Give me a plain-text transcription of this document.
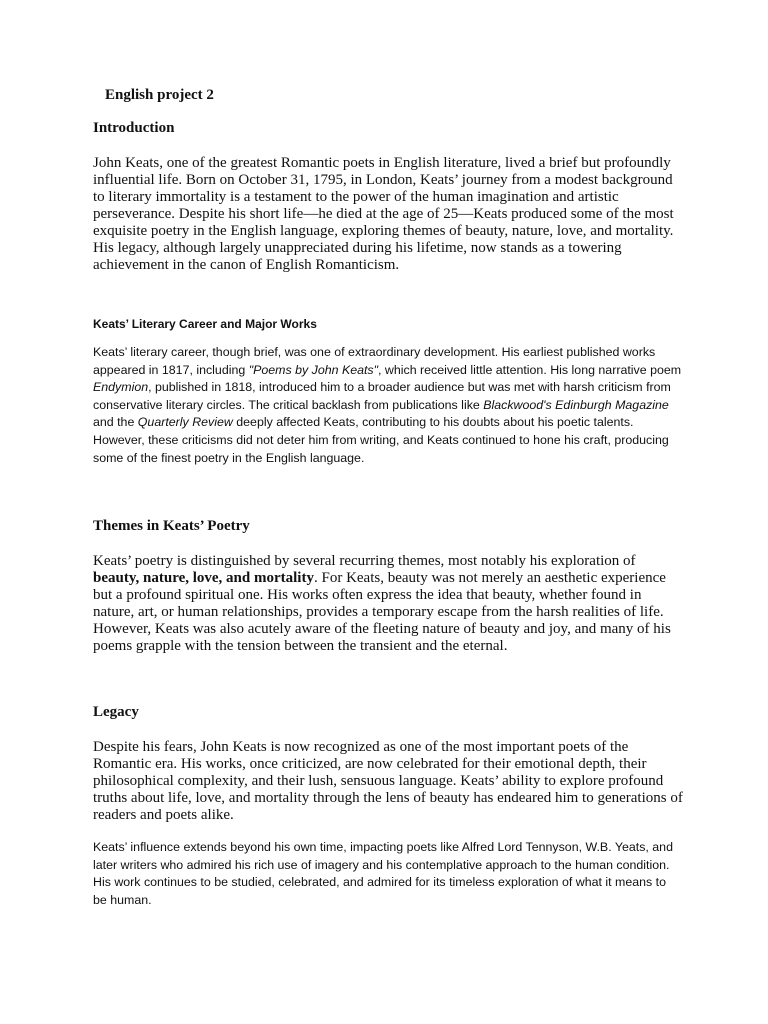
English project 2
Introduction

John Keats, one of the greatest Romantic poets in English literature, lived a brief but profoundly influential life. Born on October 31, 1795, in London, Keats’ journey from a modest background to literary immortality is a testament to the power of the human imagination and artistic perseverance. Despite his short life—he died at the age of 25—Keats produced some of the most exquisite poetry in the English language, exploring themes of beauty, nature, love, and mortality. His legacy, although largely unappreciated during his lifetime, now stands as a towering achievement in the canon of English Romanticism.

Keats’ Literary Career and Major Works

Keats’ literary career, though brief, was one of extraordinary development. His earliest published works appeared in 1817, including "Poems by John Keats", which received little attention. His long narrative poem Endymion, published in 1818, introduced him to a broader audience but was met with harsh criticism from conservative literary circles. The critical backlash from publications like Blackwood's Edinburgh Magazine and the Quarterly Review deeply affected Keats, contributing to his doubts about his poetic talents. However, these criticisms did not deter him from writing, and Keats continued to hone his craft, producing some of the finest poetry in the English language.

Themes in Keats’ Poetry

Keats’ poetry is distinguished by several recurring themes, most notably his exploration of beauty, nature, love, and mortality. For Keats, beauty was not merely an aesthetic experience but a profound spiritual one. His works often express the idea that beauty, whether found in nature, art, or human relationships, provides a temporary escape from the harsh realities of life. However, Keats was also acutely aware of the fleeting nature of beauty and joy, and many of his poems grapple with the tension between the transient and the eternal.

Legacy

Despite his fears, John Keats is now recognized as one of the most important poets of the Romantic era. His works, once criticized, are now celebrated for their emotional depth, their philosophical complexity, and their lush, sensuous language. Keats’ ability to explore profound truths about life, love, and mortality through the lens of beauty has endeared him to generations of readers and poets alike.

Keats’ influence extends beyond his own time, impacting poets like Alfred Lord Tennyson, W.B. Yeats, and later writers who admired his rich use of imagery and his contemplative approach to the human condition. His work continues to be studied, celebrated, and admired for its timeless exploration of what it means to be human.
